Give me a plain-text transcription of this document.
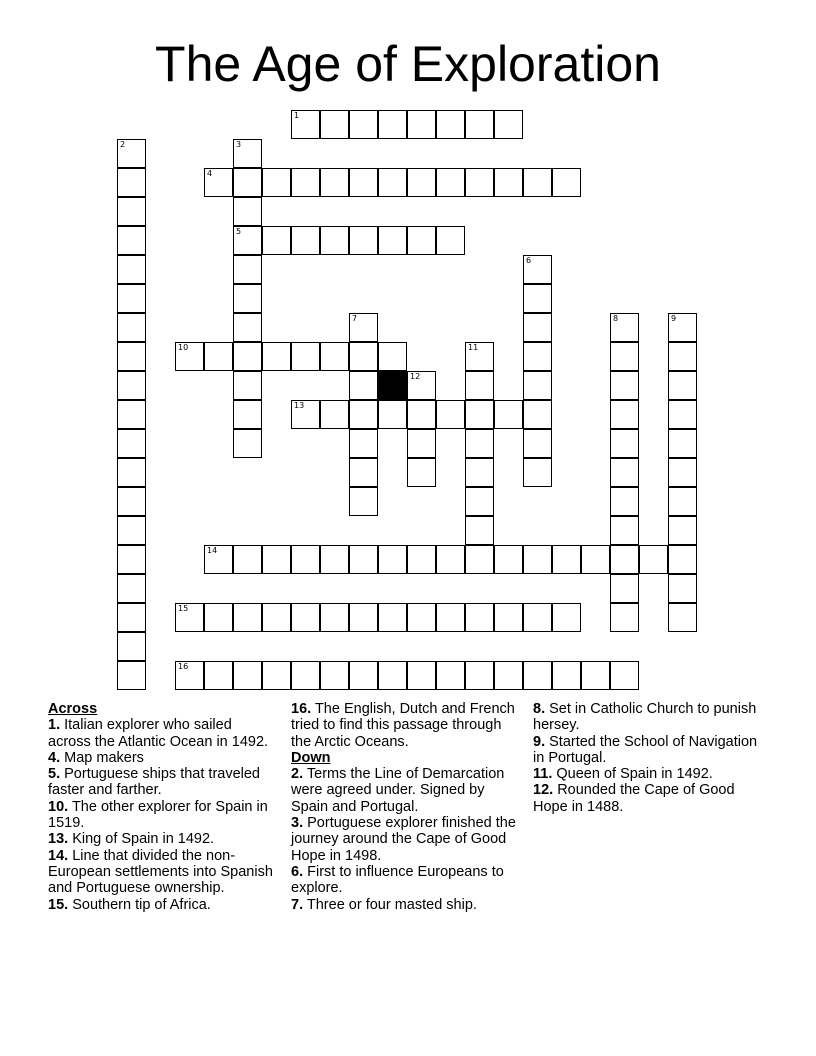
The Age of Exploration
1
2	3
5
4
6
7	8	9
10	11
12
13
14
15
16
Across
1. Italian explorer who sailed across the Atlantic Ocean in 1492.
4. Map makers
5. Portuguese ships that traveled faster and farther.
10. The other explorer for Spain in 1519.
13. King of Spain in 1492.
14. Line that divided the non-European settlements into Spanish and Portuguese ownership.
15. Southern tip of Africa.
16. The English, Dutch and French tried to find this passage through the Arctic Oceans.
Down
2. Terms the Line of Demarcation were agreed under. Signed by Spain and Portugal.
3. Portuguese explorer finished the journey around the Cape of Good Hope in 1498.
6. First to influence Europeans to explore.
7. Three or four masted ship.
8. Set in Catholic Church to punish hersey.
9. Started the School of Navigation in Portugal.
11. Queen of Spain in 1492.
12. Rounded the Cape of Good Hope in 1488.
